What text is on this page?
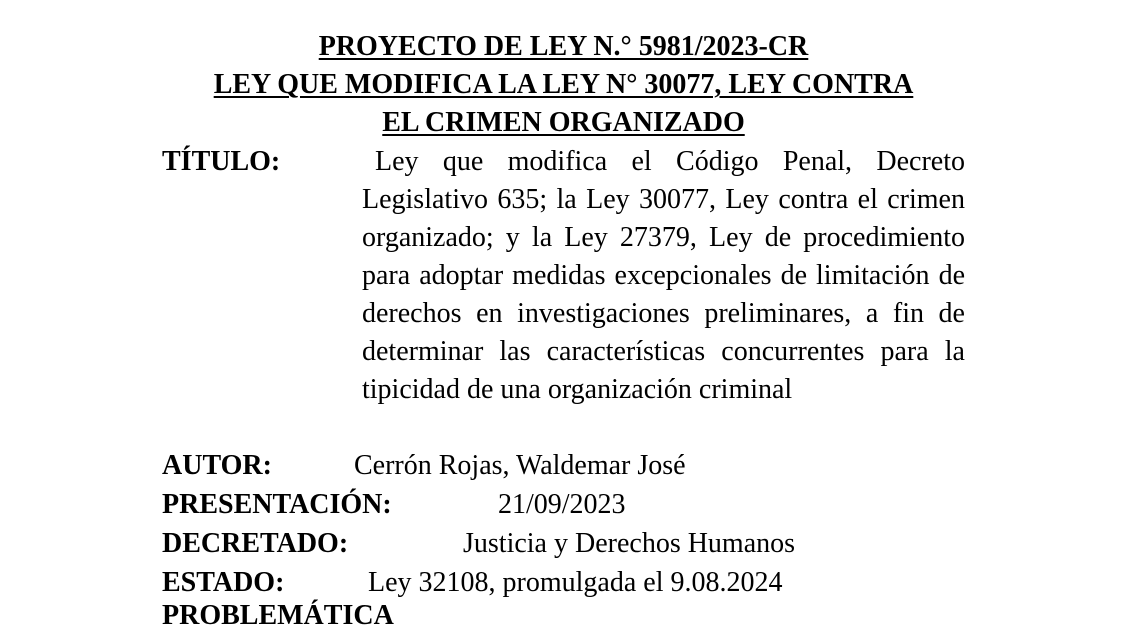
PROYECTO DE LEY N.° 5981/2023-CR
LEY QUE MODIFICA LA LEY N° 30077, LEY CONTRA
EL CRIMEN ORGANIZADO
TÍTULO:	Ley que modifica el Código Penal, Decreto Legislativo 635; la Ley 30077, Ley contra el crimen organizado; y la Ley 27379, Ley de procedimiento para adoptar medidas excepcionales de limitación de derechos en investigaciones preliminares, a fin de determinar las características concurrentes para la tipicidad de una organización criminal
AUTOR:	Cerrón Rojas, Waldemar José
PRESENTACIÓN:	21/09/2023
DECRETADO:	Justicia y Derechos Humanos
ESTADO:	Ley 32108, promulgada el 9.08.2024
PROBLEMÁTICA
